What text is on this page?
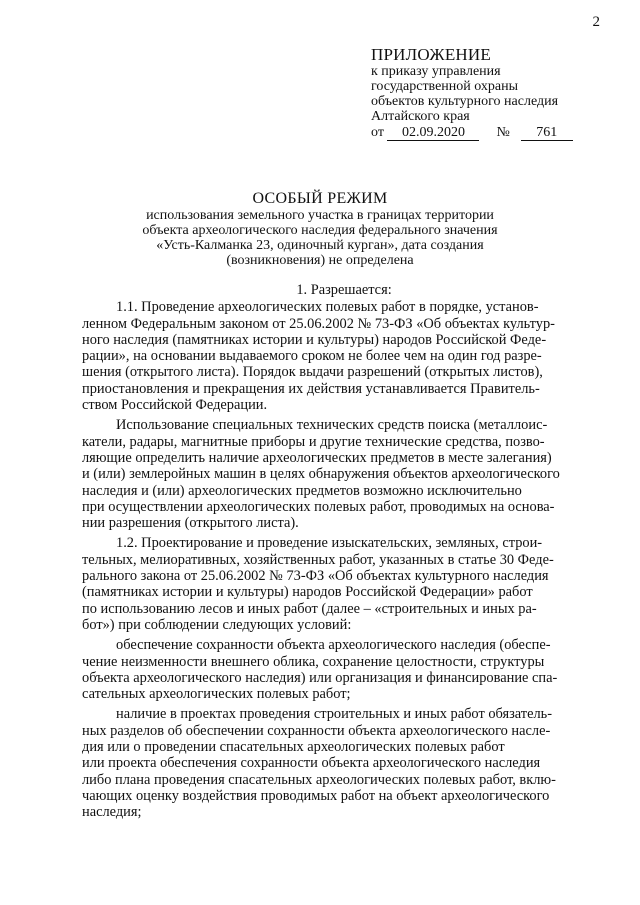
2
ПРИЛОЖЕНИЕ
к приказу управления
государственной охраны
объектов культурного наследия
Алтайского края
от 02.09.2020 № 761
ОСОБЫЙ РЕЖИМ
использования земельного участка в границах территории
объекта археологического наследия федерального значения
«Усть-Калманка 23, одиночный курган», дата создания
(возникновения) не определена
1. Разрешается:

1.1. Проведение археологических полевых работ в порядке, установ-
ленном Федеральным законом от 25.06.2002 № 73-ФЗ «Об объектах культур-
ного наследия (памятниках истории и культуры) народов Российской Феде-
рации», на основании выдаваемого сроком не более чем на один год разре-
шения (открытого листа). Порядок выдачи разрешений (открытых листов),
приостановления и прекращения их действия устанавливается Правитель-
ством Российской Федерации.

Использование специальных технических средств поиска (металлоис-
катели, радары, магнитные приборы и другие технические средства, позво-
ляющие определить наличие археологических предметов в месте залегания)
и (или) землеройных машин в целях обнаружения объектов археологического
наследия и (или) археологических предметов возможно исключительно
при осуществлении археологических полевых работ, проводимых на основа-
нии разрешения (открытого листа).

1.2. Проектирование и проведение изыскательских, земляных, строи-
тельных, мелиоративных, хозяйственных работ, указанных в статье 30 Феде-
рального закона от 25.06.2002 № 73-ФЗ «Об объектах культурного наследия
(памятниках истории и культуры) народов Российской Федерации» работ
по использованию лесов и иных работ (далее – «строительных и иных ра-
бот») при соблюдении следующих условий:

обеспечение сохранности объекта археологического наследия (обеспе-
чение неизменности внешнего облика, сохранение целостности, структуры
объекта археологического наследия) или организация и финансирование спа-
сательных археологических полевых работ;

наличие в проектах проведения строительных и иных работ обязатель-
ных разделов об обеспечении сохранности объекта археологического насле-
дия или о проведении спасательных археологических полевых работ
или проекта обеспечения сохранности объекта археологического наследия
либо плана проведения спасательных археологических полевых работ, вклю-
чающих оценку воздействия проводимых работ на объект археологического
наследия;
